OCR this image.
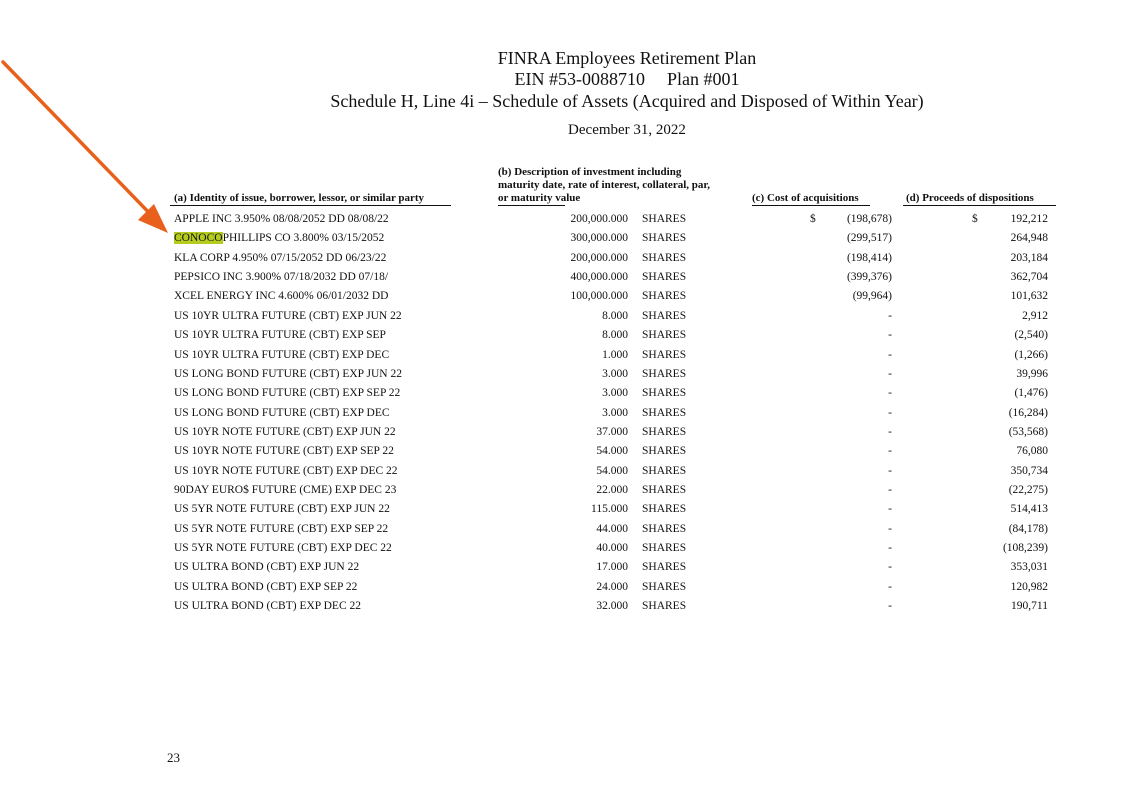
FINRA Employees Retirement Plan
EIN #53-0088710 Plan #001
Schedule H, Line 4i – Schedule of Assets (Acquired and Disposed of Within Year)
December 31, 2022
(a) Identity of issue, borrower, lessor, or similar party
(b) Description of investment including
maturity date, rate of interest, collateral, par,
or maturity value	(c) Cost of acquisitions	(d) Proceeds of dispositions
APPLE INC 3.950% 08/08/2052 DD 08/08/22	200,000.000 SHARES	$	(198,678)	$	192,212
CONOCOPHILLIPS CO 3.800% 03/15/2052	300,000.000 SHARES	(299,517)	264,948
KLA CORP 4.950% 07/15/2052 DD 06/23/22	200,000.000 SHARES	(198,414)	203,184
PEPSICO INC 3.900% 07/18/2032 DD 07/18/	400,000.000 SHARES	(399,376)	362,704
XCEL ENERGY INC 4.600% 06/01/2032 DD	100,000.000 SHARES	(99,964)	101,632
US 10YR ULTRA FUTURE (CBT) EXP JUN 22	8.000 SHARES	-	2,912
US 10YR ULTRA FUTURE (CBT) EXP SEP	8.000 SHARES	-	(2,540)
US 10YR ULTRA FUTURE (CBT) EXP DEC	1.000 SHARES	-	(1,266)
US LONG BOND FUTURE (CBT) EXP JUN 22	3.000 SHARES	-	39,996
US LONG BOND FUTURE (CBT) EXP SEP 22	3.000 SHARES	-	(1,476)
US LONG BOND FUTURE (CBT) EXP DEC	3.000 SHARES	-	(16,284)
US 10YR NOTE FUTURE (CBT) EXP JUN 22	37.000 SHARES	-	(53,568)
US 10YR NOTE FUTURE (CBT) EXP SEP 22	54.000 SHARES	-	76,080
US 10YR NOTE FUTURE (CBT) EXP DEC 22	54.000 SHARES	-	350,734
90DAY EURO$ FUTURE (CME) EXP DEC 23	22.000 SHARES	-	(22,275)
US 5YR NOTE FUTURE (CBT) EXP JUN 22	115.000 SHARES	-	514,413
US 5YR NOTE FUTURE (CBT) EXP SEP 22	44.000 SHARES	-	(84,178)
US 5YR NOTE FUTURE (CBT) EXP DEC 22	40.000 SHARES	-	(108,239)
US ULTRA BOND (CBT) EXP JUN 22	17.000 SHARES	-	353,031
US ULTRA BOND (CBT) EXP SEP 22	24.000 SHARES	-	120,982
US ULTRA BOND (CBT) EXP DEC 22	32.000 SHARES	-	190,711
23
